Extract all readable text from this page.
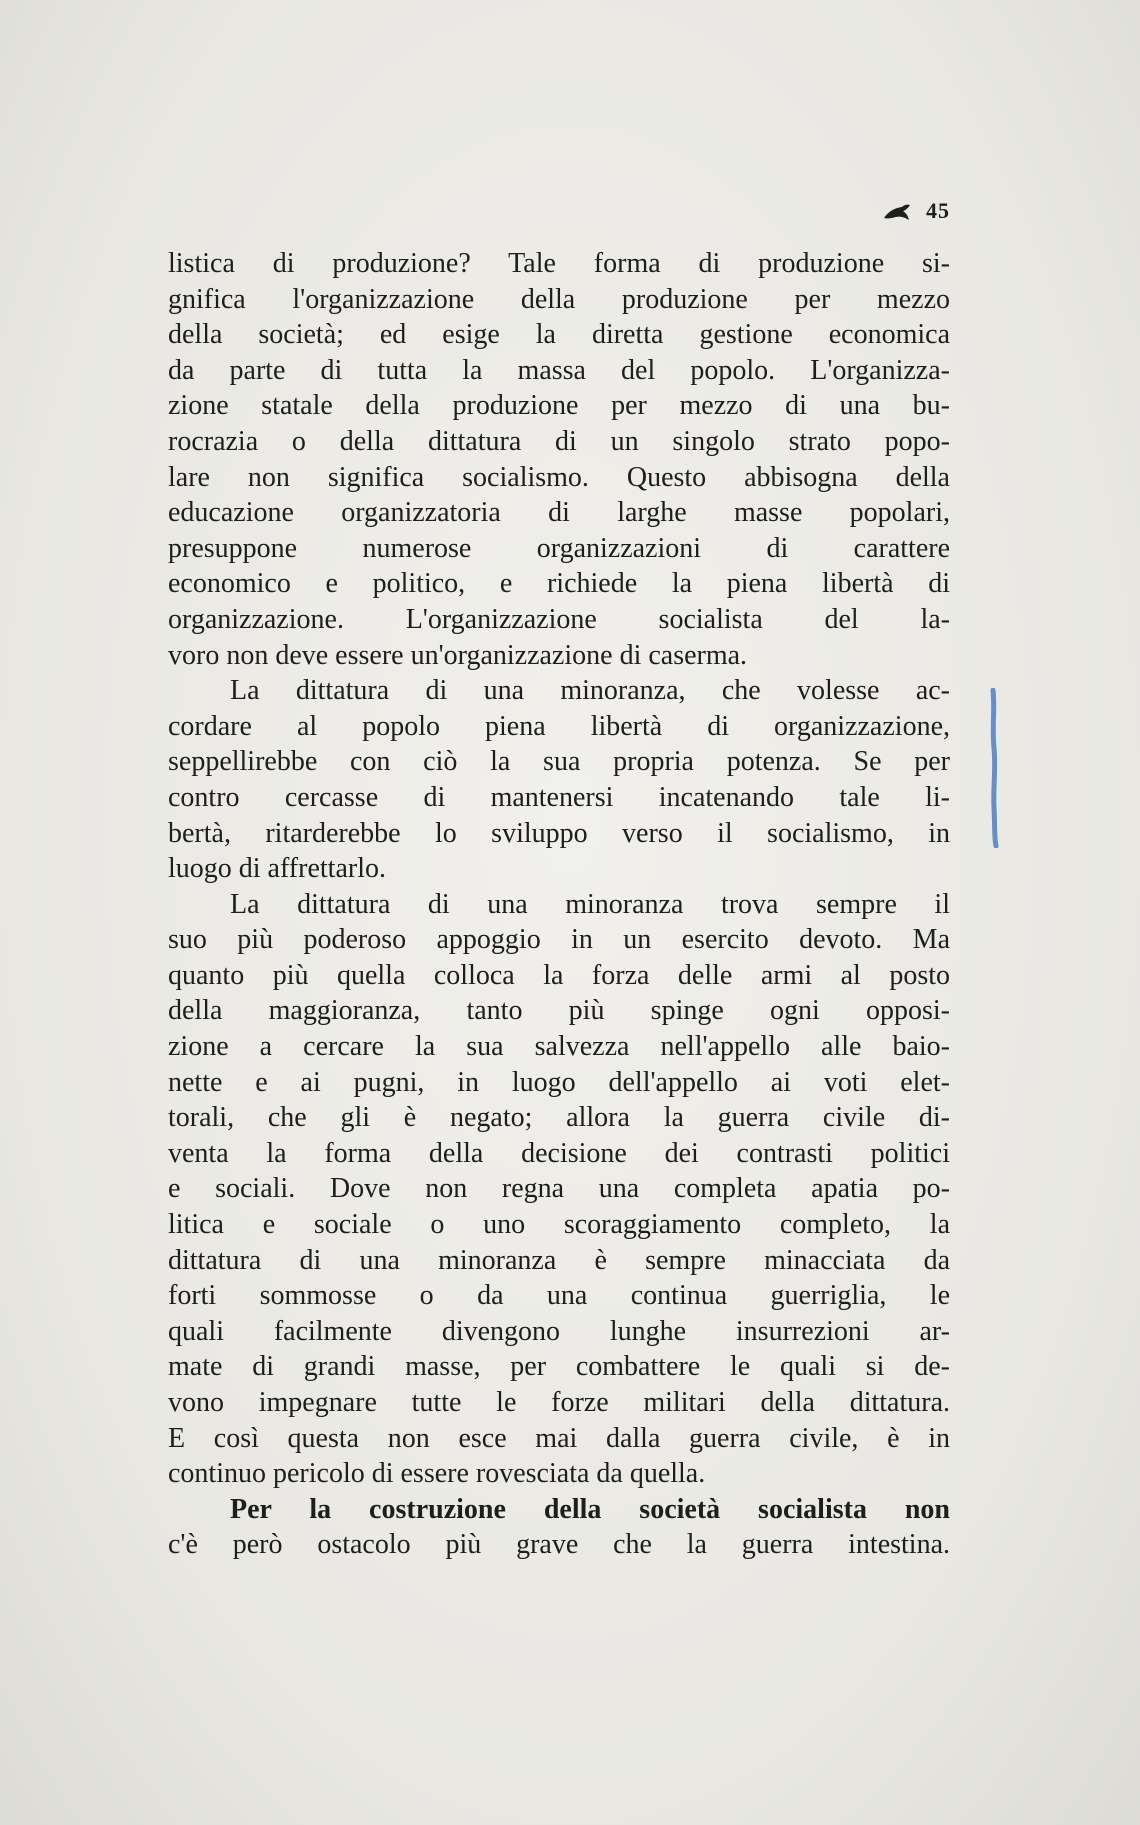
45
listica di produzione? Tale forma di produzione si-
gnifica l'organizzazione della produzione per mezzo
della società; ed esige la diretta gestione economica
da parte di tutta la massa del popolo. L'organizza-
zione statale della produzione per mezzo di una bu-
rocrazia o della dittatura di un singolo strato popo-
lare non significa socialismo. Questo abbisogna della
educazione organizzatoria di larghe masse popolari,
presuppone numerose organizzazioni di carattere
economico e politico, e richiede la piena libertà di
organizzazione. L'organizzazione socialista del la-
voro non deve essere un'organizzazione di caserma.
La dittatura di una minoranza, che volesse ac-
cordare al popolo piena libertà di organizzazione,
seppellirebbe con ciò la sua propria potenza. Se per
contro cercasse di mantenersi incatenando tale li-
bertà, ritarderebbe lo sviluppo verso il socialismo, in
luogo di affrettarlo.
La dittatura di una minoranza trova sempre il
suo più poderoso appoggio in un esercito devoto. Ma
quanto più quella colloca la forza delle armi al posto
della maggioranza, tanto più spinge ogni opposi-
zione a cercare la sua salvezza nell'appello alle baio-
nette e ai pugni, in luogo dell'appello ai voti elet-
torali, che gli è negato; allora la guerra civile di-
venta la forma della decisione dei contrasti politici
e sociali. Dove non regna una completa apatia po-
litica e sociale o uno scoraggiamento completo, la
dittatura di una minoranza è sempre minacciata da
forti sommosse o da una continua guerriglia, le
quali facilmente divengono lunghe insurrezioni ar-
mate di grandi masse, per combattere le quali si de-
vono impegnare tutte le forze militari della dittatura.
E così questa non esce mai dalla guerra civile, è in
continuo pericolo di essere rovesciata da quella.
Per la costruzione della società socialista non
c'è però ostacolo più grave che la guerra intestina.
